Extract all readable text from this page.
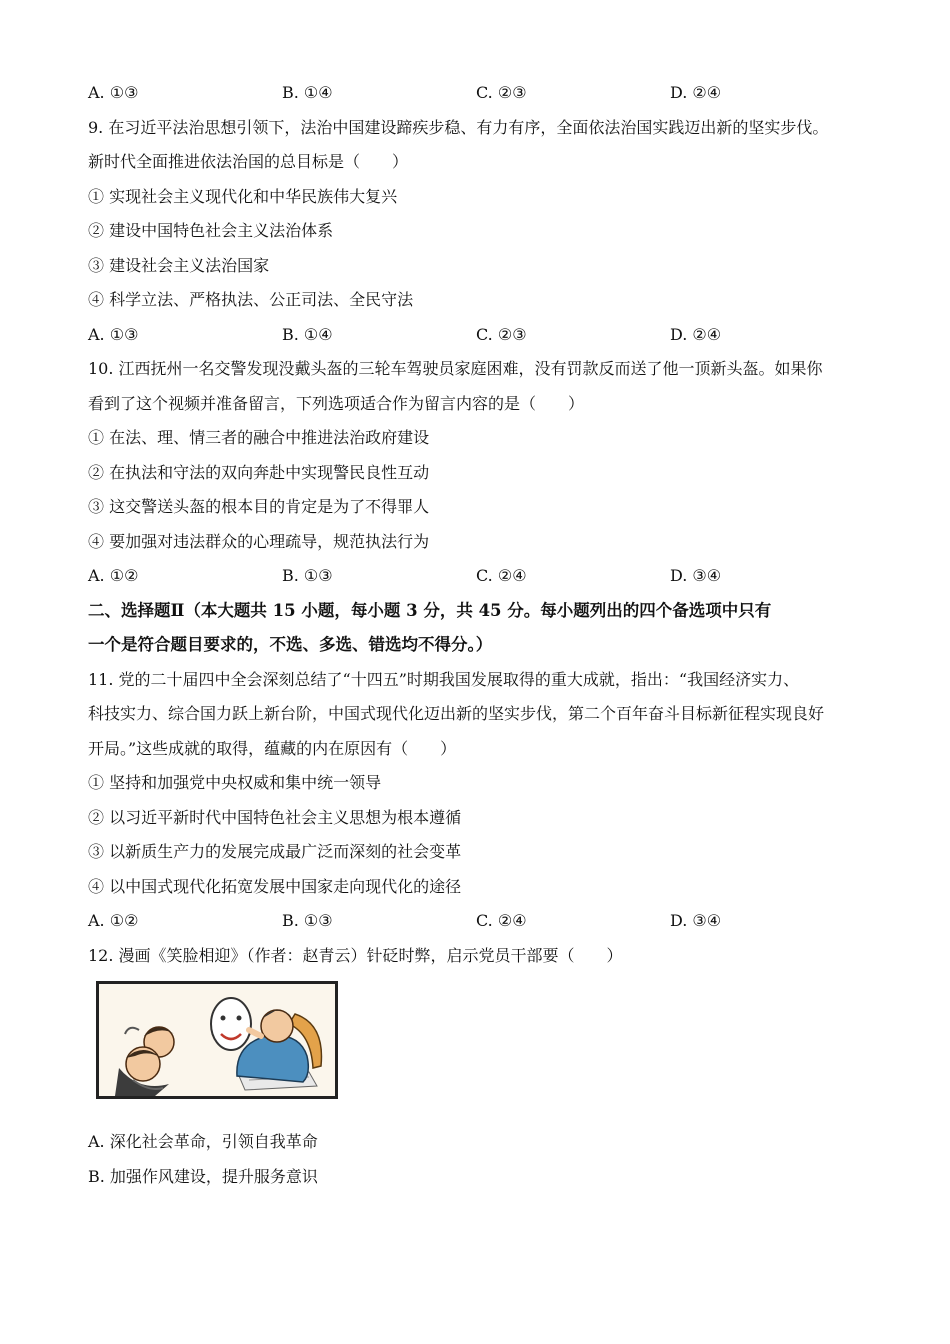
A. ①③	B. ①④	C. ②③	D. ②④
9. 在习近平法治思想引领下，法治中国建设蹄疾步稳、有力有序，全面依法治国实践迈出新的坚实步伐。
新时代全面推进依法治国的总目标是（　　）
① 实现社会主义现代化和中华民族伟大复兴
② 建设中国特色社会主义法治体系
③ 建设社会主义法治国家
④ 科学立法、严格执法、公正司法、全民守法
A. ①③	B. ①④	C. ②③	D. ②④
10. 江西抚州一名交警发现没戴头盔的三轮车驾驶员家庭困难，没有罚款反而送了他一顶新头盔。如果你
看到了这个视频并准备留言，下列选项适合作为留言内容的是（　　）
① 在法、理、情三者的融合中推进法治政府建设
② 在执法和守法的双向奔赴中实现警民良性互动
③ 这交警送头盔的根本目的肯定是为了不得罪人
④ 要加强对违法群众的心理疏导，规范执法行为
A. ①②	B. ①③	C. ②④	D. ③④
二、选择题Ⅱ（本大题共 15 小题，每小题 3 分，共 45 分。每小题列出的四个备选项中只有
一个是符合题目要求的，不选、多选、错选均不得分。）
11. 党的二十届四中全会深刻总结了“十四五”时期我国发展取得的重大成就，指出：“我国经济实力、
科技实力、综合国力跃上新台阶，中国式现代化迈出新的坚实步伐，第二个百年奋斗目标新征程实现良好
开局。”这些成就的取得，蕴藏的内在原因有（　　）
① 坚持和加强党中央权威和集中统一领导
② 以习近平新时代中国特色社会主义思想为根本遵循
③ 以新质生产力的发展完成最广泛而深刻的社会变革
④ 以中国式现代化拓宽发展中国家走向现代化的途径
A. ①②	B. ①③	C. ②④	D. ③④
12. 漫画《笑脸相迎》（作者：赵青云）针砭时弊，启示党员干部要（　　）
A. 深化社会革命，引领自我革命
B. 加强作风建设，提升服务意识
